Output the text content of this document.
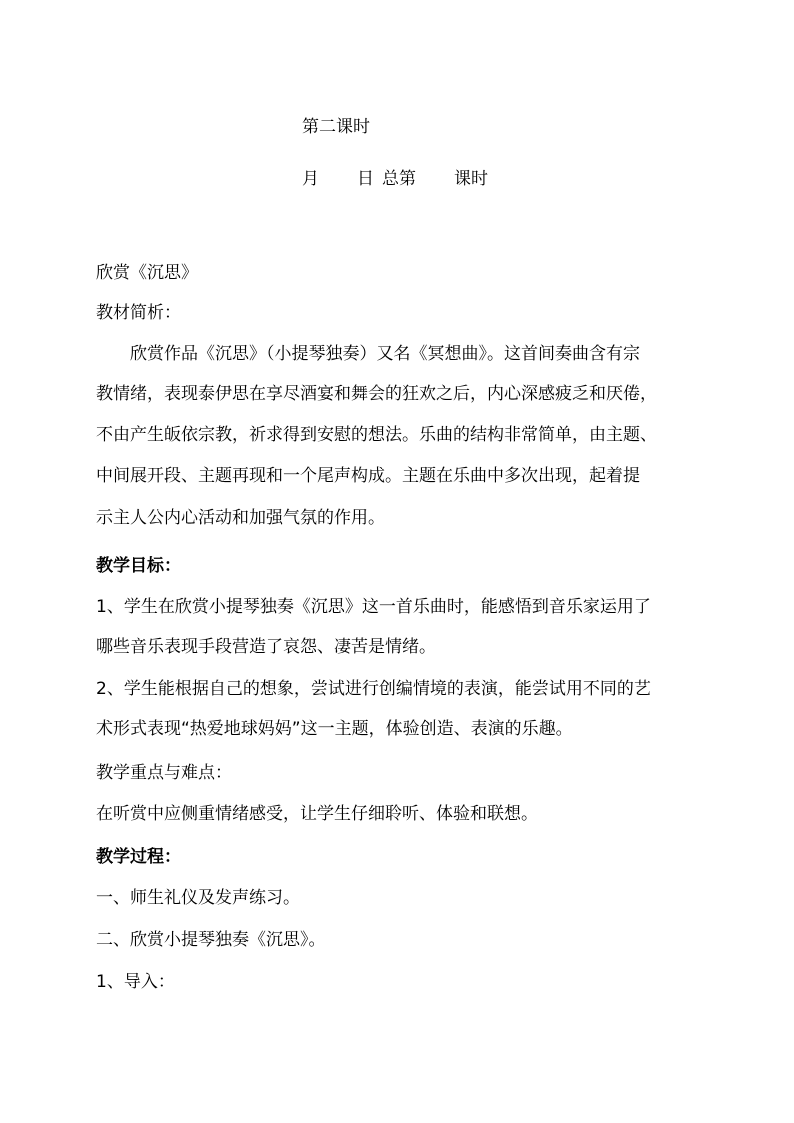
第二课时
月 日 总第 课时
欣赏《沉思》
教材简析：
欣赏作品《沉思》（小提琴独奏）又名《冥想曲》。这首间奏曲含有宗
教情绪，表现泰伊思在享尽酒宴和舞会的狂欢之后，内心深感疲乏和厌倦，
不由产生皈依宗教，祈求得到安慰的想法。乐曲的结构非常简单，由主题、
中间展开段、主题再现和一个尾声构成。主题在乐曲中多次出现，起着提
示主人公内心活动和加强气氛的作用。
教学目标：
1、学生在欣赏小提琴独奏《沉思》这一首乐曲时，能感悟到音乐家运用了
哪些音乐表现手段营造了哀怨、凄苦是情绪。
2、学生能根据自己的想象，尝试进行创编情境的表演，能尝试用不同的艺
术形式表现“热爱地球妈妈”这一主题，体验创造、表演的乐趣。
教学重点与难点：
在听赏中应侧重情绪感受，让学生仔细聆听、体验和联想。
教学过程：
一、师生礼仪及发声练习。
二、欣赏小提琴独奏《沉思》。
1、导入：
